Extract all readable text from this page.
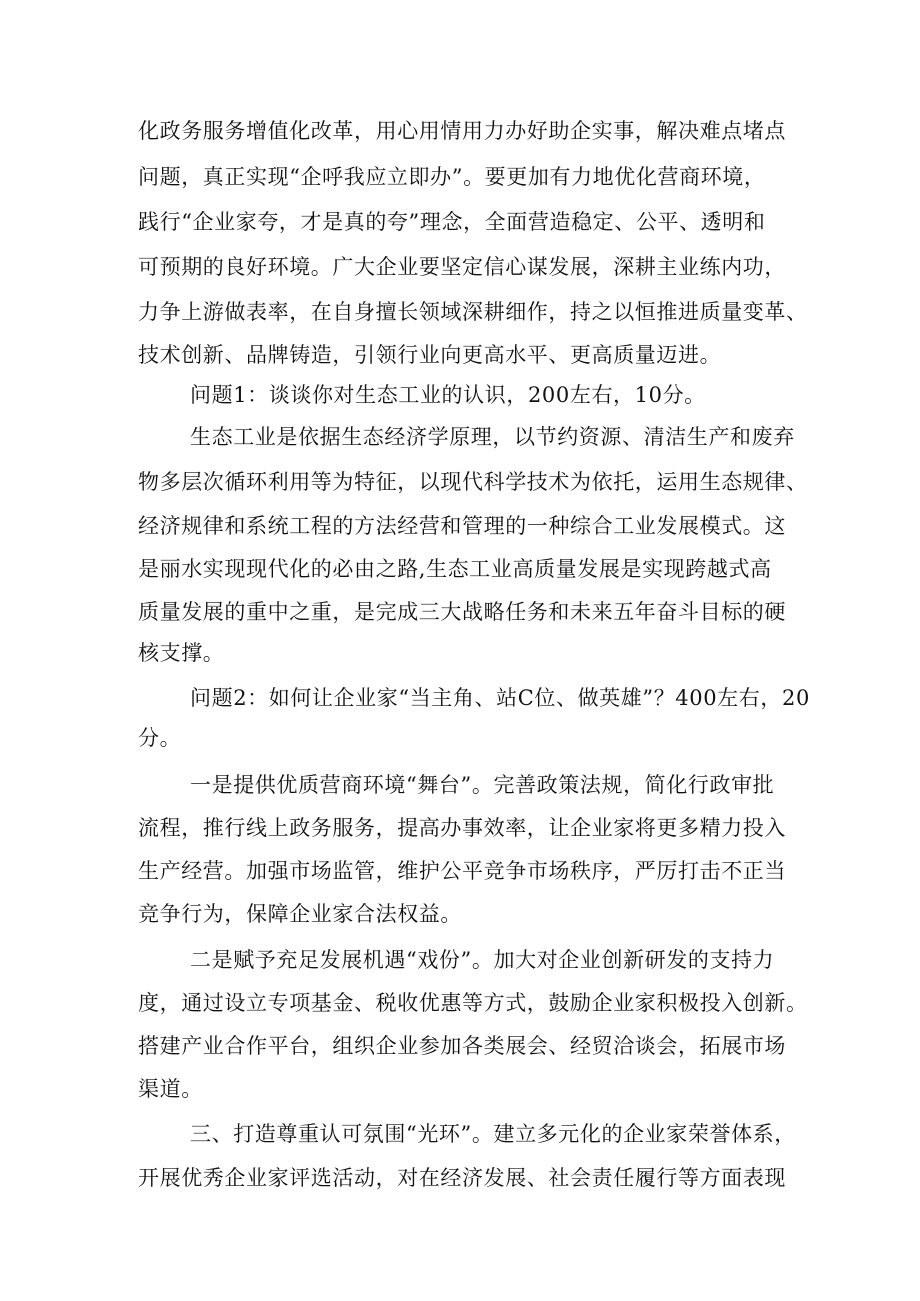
化政务服务增值化改革，用心用情用力办好助企实事，解决难点堵点
问题，真正实现“企呼我应立即办”。要更加有力地优化营商环境，
践行“企业家夸，才是真的夸”理念，全面营造稳定、公平、透明和
可预期的良好环境。广大企业要坚定信心谋发展，深耕主业练内功，
力争上游做表率，在自身擅长领域深耕细作，持之以恒推进质量变革、
技术创新、品牌铸造，引领行业向更高水平、更高质量迈进。
问题1：谈谈你对生态工业的认识，200左右，10分。
生态工业是依据生态经济学原理，以节约资源、清洁生产和废弃
物多层次循环利用等为特征，以现代科学技术为依托，运用生态规律、
经济规律和系统工程的方法经营和管理的一种综合工业发展模式。这
是丽水实现现代化的必由之路,生态工业高质量发展是实现跨越式高
质量发展的重中之重，是完成三大战略任务和未来五年奋斗目标的硬
核支撑。
问题2：如何让企业家“当主角、站C位、做英雄”？400左右，20
分。
一是提供优质营商环境“舞台”。完善政策法规，简化行政审批
流程，推行线上政务服务，提高办事效率，让企业家将更多精力投入
生产经营。加强市场监管，维护公平竞争市场秩序，严厉打击不正当
竞争行为，保障企业家合法权益。
二是赋予充足发展机遇“戏份”。加大对企业创新研发的支持力
度，通过设立专项基金、税收优惠等方式，鼓励企业家积极投入创新。
搭建产业合作平台，组织企业参加各类展会、经贸洽谈会，拓展市场
渠道。
三、打造尊重认可氛围“光环”。建立多元化的企业家荣誉体系，
开展优秀企业家评选活动，对在经济发展、社会责任履行等方面表现
